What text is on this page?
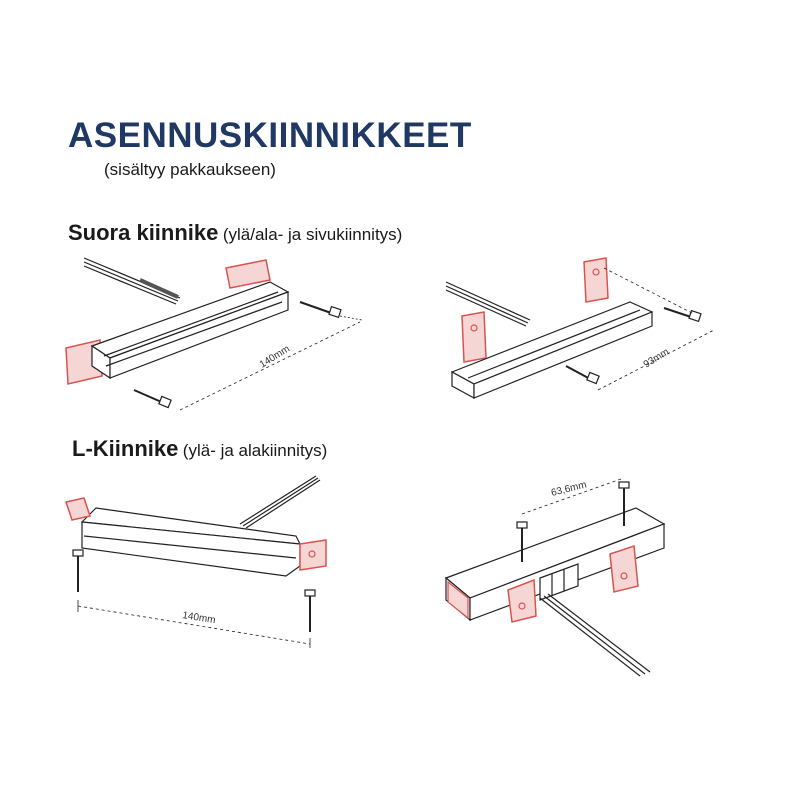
ASENNUSKIINNIKKEET
(sisältyy pakkaukseen)
Suora kiinnike (ylä/ala- ja sivukiinnitys)
L-Kiinnike (ylä- ja alakiinnitys)
140mm	93mm
140mm
63,6mm
